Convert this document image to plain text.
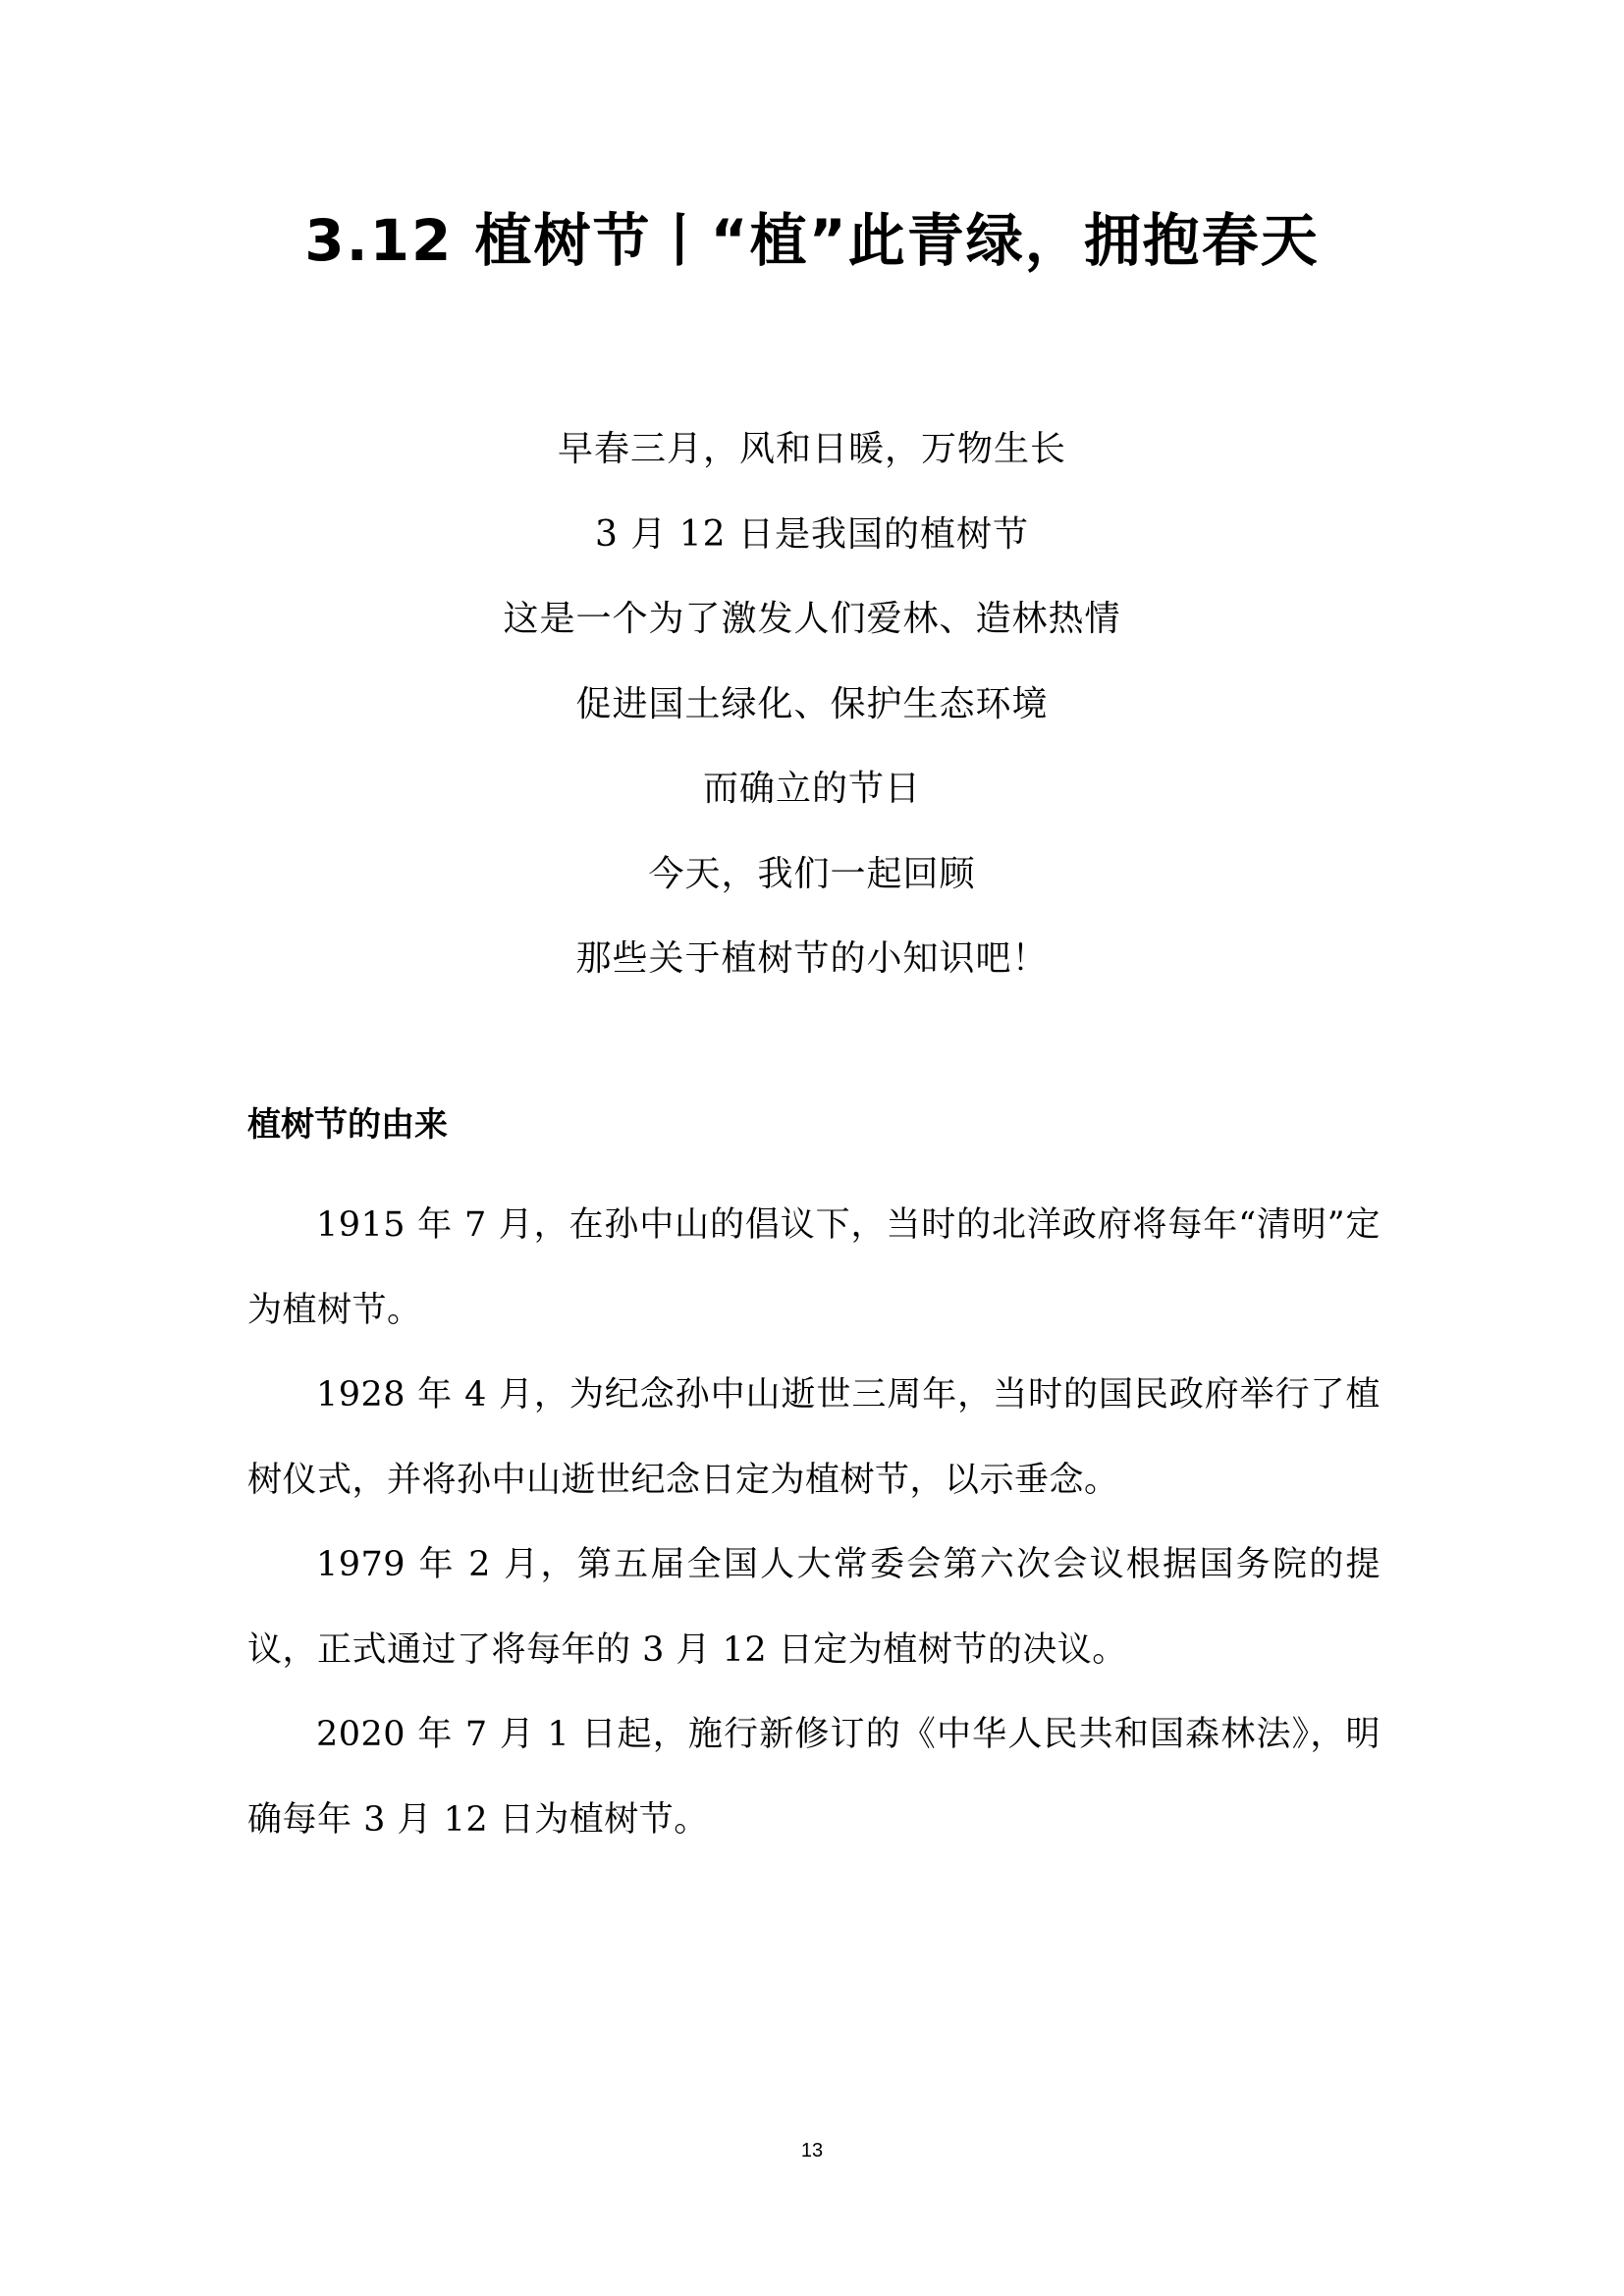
3.12 植树节丨“植”此青绿，拥抱春天
早春三月，风和日暖，万物生长
3 月 12 日是我国的植树节
这是一个为了激发人们爱林、造林热情
促进国土绿化、保护生态环境
而确立的节日
今天，我们一起回顾
那些关于植树节的小知识吧！
植树节的由来

1915 年 7 月，在孙中山的倡议下，当时的北洋政府将每年“清明”定为植树节。

1928 年 4 月，为纪念孙中山逝世三周年，当时的国民政府举行了植树仪式，并将孙中山逝世纪念日定为植树节，以示垂念。

1979 年 2 月，第五届全国人大常委会第六次会议根据国务院的提议，正式通过了将每年的 3 月 12 日定为植树节的决议。

2020 年 7 月 1 日起，施行新修订的《中华人民共和国森林法》，明确每年 3 月 12 日为植树节。

13
